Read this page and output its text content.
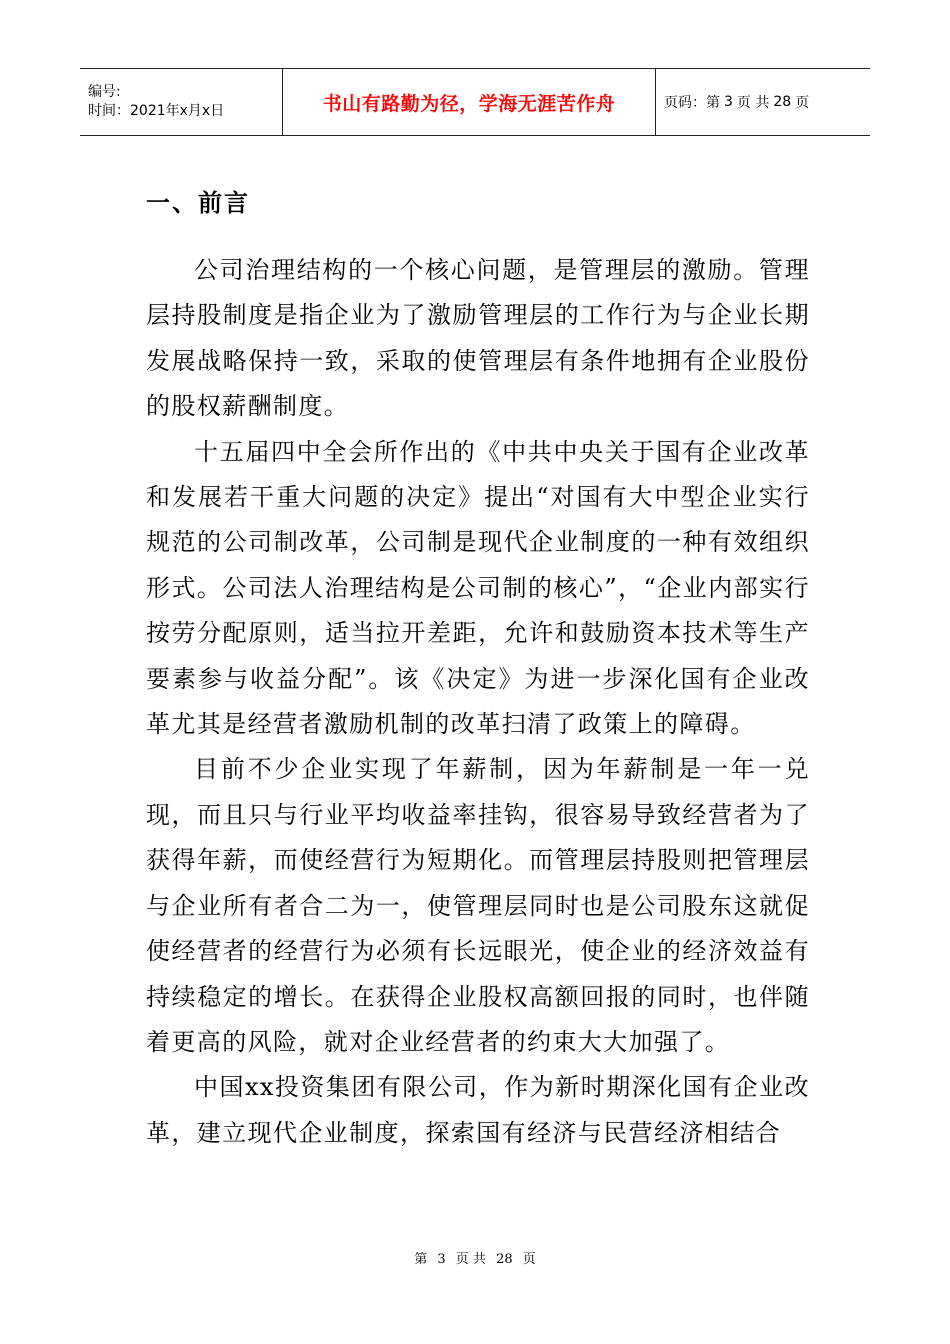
编号:
时间：2021年x月x日	书山有路勤为径，学海无涯苦作舟	页码：第 3 页 共 28 页
一、前言

公司治理结构的一个核心问题，是管理层的激励。管理层持股制度是指企业为了激励管理层的工作行为与企业长期发展战略保持一致，采取的使管理层有条件地拥有企业股份的股权薪酬制度。

十五届四中全会所作出的《中共中央关于国有企业改革和发展若干重大问题的决定》提出“对国有大中型企业实行规范的公司制改革，公司制是现代企业制度的一种有效组织形式。公司法人治理结构是公司制的核心”，“企业内部实行按劳分配原则，适当拉开差距，允许和鼓励资本技术等生产要素参与收益分配”。该《决定》为进一步深化国有企业改革尤其是经营者激励机制的改革扫清了政策上的障碍。

目前不少企业实现了年薪制，因为年薪制是一年一兑现，而且只与行业平均收益率挂钩，很容易导致经营者为了获得年薪，而使经营行为短期化。而管理层持股则把管理层与企业所有者合二为一，使管理层同时也是公司股东这就促使经营者的经营行为必须有长远眼光，使企业的经济效益有持续稳定的增长。在获得企业股权高额回报的同时，也伴随着更高的风险，就对企业经营者的约束大大加强了。

中国xx投资集团有限公司，作为新时期深化国有企业改革，建立现代企业制度，探索国有经济与民营经济相结合

第 3 页 共 28 页
